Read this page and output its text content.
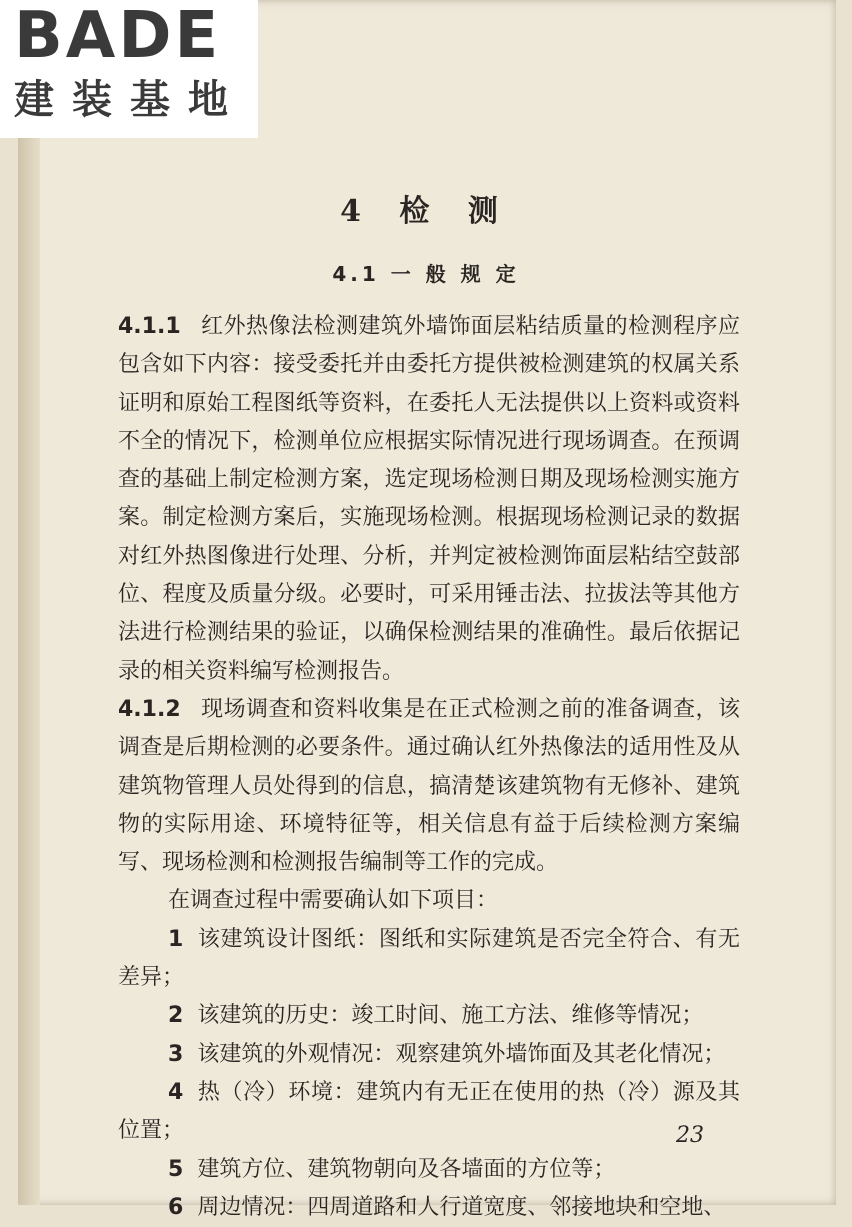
BADE
建装基地
4 检 测
4.1 一 般 规 定

4.1.1 红外热像法检测建筑外墙饰面层粘结质量的检测程序应包含如下内容：接受委托并由委托方提供被检测建筑的权属关系证明和原始工程图纸等资料，在委托人无法提供以上资料或资料不全的情况下，检测单位应根据实际情况进行现场调查。在预调查的基础上制定检测方案，选定现场检测日期及现场检测实施方案。制定检测方案后，实施现场检测。根据现场检测记录的数据对红外热图像进行处理、分析，并判定被检测饰面层粘结空鼓部位、程度及质量分级。必要时，可采用锤击法、拉拔法等其他方法进行检测结果的验证，以确保检测结果的准确性。最后依据记录的相关资料编写检测报告。

4.1.2 现场调查和资料收集是在正式检测之前的准备调查，该调查是后期检测的必要条件。通过确认红外热像法的适用性及从建筑物管理人员处得到的信息，搞清楚该建筑物有无修补、建筑物的实际用途、环境特征等，相关信息有益于后续检测方案编写、现场检测和检测报告编制等工作的完成。

在调查过程中需要确认如下项目：

1 该建筑设计图纸：图纸和实际建筑是否完全符合、有无差异；

2 该建筑的历史：竣工时间、施工方法、维修等情况；

3 该建筑的外观情况：观察建筑外墙饰面及其老化情况；

4 热（冷）环境：建筑内有无正在使用的热（冷）源及其位置；

5 建筑方位、建筑物朝向及各墙面的方位等；

6 周边情况：四周道路和人行道宽度、邻接地块和空地、

23
